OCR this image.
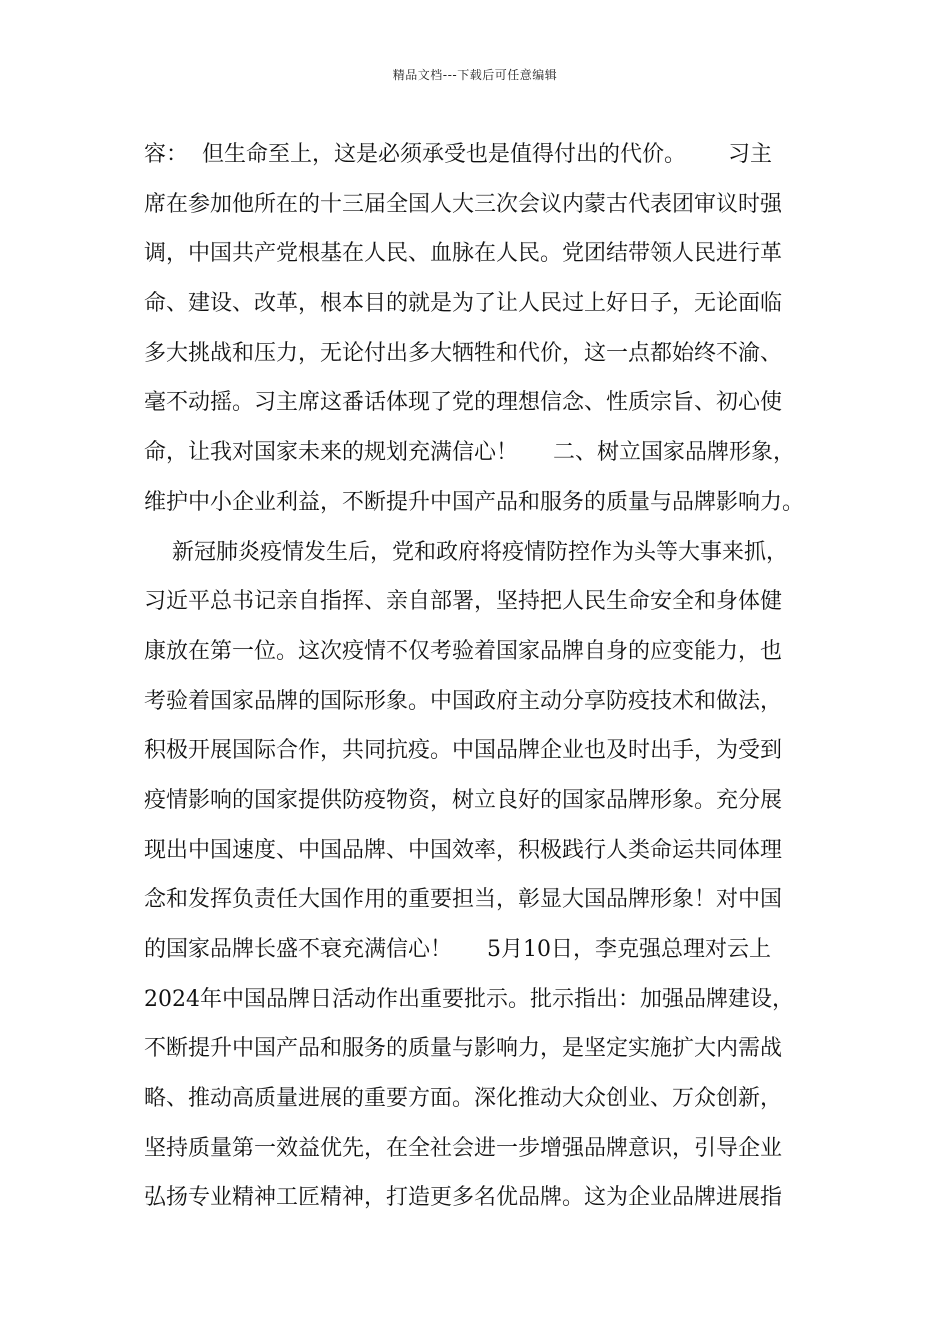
精品文档---下载后可任意编辑
容：  但生命至上，这是必须承受也是值得付出的代价。      习主
席在参加他所在的十三届全国人大三次会议内蒙古代表团审议时强
调，中国共产党根基在人民、血脉在人民。党团结带领人民进行革
命、建设、改革，根本目的就是为了让人民过上好日子，无论面临
多大挑战和压力，无论付出多大牺牲和代价，这一点都始终不渝、
毫不动摇。习主席这番话体现了党的理想信念、性质宗旨、初心使
命，让我对国家未来的规划充满信心！     二、树立国家品牌形象，
维护中小企业利益，不断提升中国产品和服务的质量与品牌影响力。
新冠肺炎疫情发生后，党和政府将疫情防控作为头等大事来抓，
习近平总书记亲自指挥、亲自部署，坚持把人民生命安全和身体健
康放在第一位。这次疫情不仅考验着国家品牌自身的应变能力，也
考验着国家品牌的国际形象。中国政府主动分享防疫技术和做法，
积极开展国际合作，共同抗疫。中国品牌企业也及时出手，为受到
疫情影响的国家提供防疫物资，树立良好的国家品牌形象。充分展
现出中国速度、中国品牌、中国效率，积极践行人类命运共同体理
念和发挥负责任大国作用的重要担当，彰显大国品牌形象！对中国
的国家品牌长盛不衰充满信心！     5月10日，李克强总理对云上
2024年中国品牌日活动作出重要批示。批示指出：加强品牌建设，
不断提升中国产品和服务的质量与影响力，是坚定实施扩大内需战
略、推动高质量进展的重要方面。深化推动大众创业、万众创新，
坚持质量第一效益优先，在全社会进一步增强品牌意识，引导企业
弘扬专业精神工匠精神，打造更多名优品牌。这为企业品牌进展指
